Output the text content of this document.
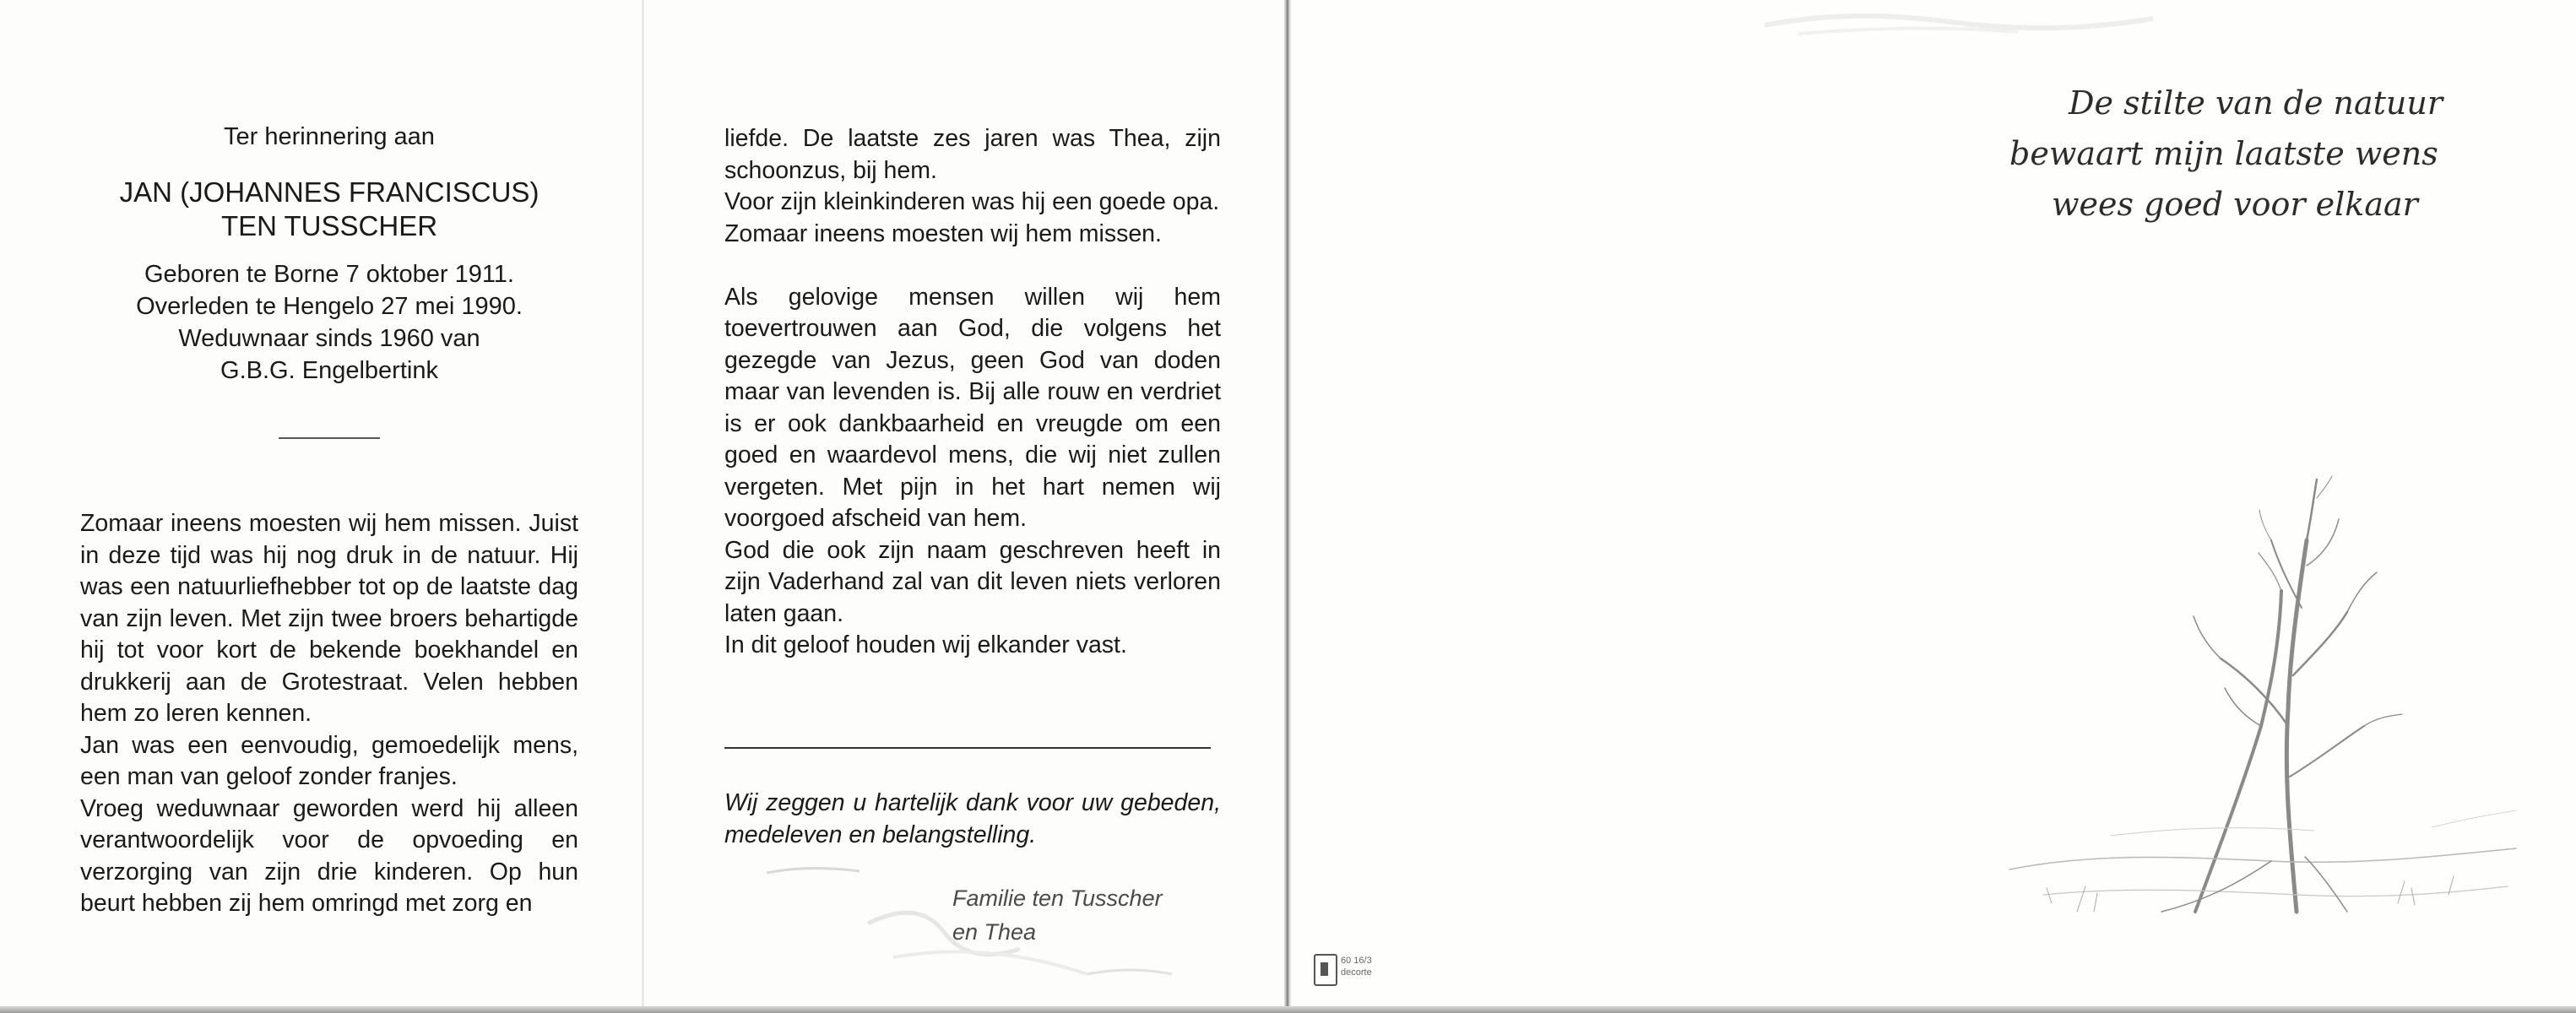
Ter herinnering aan
JAN (JOHANNES FRANCISCUS)
TEN TUSSCHER
Geboren te Borne 7 oktober 1911.
Overleden te Hengelo 27 mei 1990.
Weduwnaar sinds 1960 van
G.B.G. Engelbertink

Zomaar ineens moesten wij hem missen. Juist in deze tijd was hij nog druk in de natuur. Hij was een natuurliefhebber tot op de laatste dag van zijn leven. Met zijn twee broers behartigde hij tot voor kort de bekende boekhandel en drukkerij aan de Grotestraat. Velen hebben hem zo leren kennen.

Jan was een eenvoudig, gemoedelijk mens, een man van geloof zonder franjes.

Vroeg weduwnaar geworden werd hij alleen verantwoordelijk voor de opvoeding en verzorging van zijn drie kinderen. Op hun beurt hebben zij hem omringd met zorg en

liefde. De laatste zes jaren was Thea, zijn schoonzus, bij hem.

Voor zijn kleinkinderen was hij een goede opa.

Zomaar ineens moesten wij hem missen.

Als gelovige mensen willen wij hem toevertrouwen aan God, die volgens het gezegde van Jezus, geen God van doden maar van levenden is. Bij alle rouw en verdriet is er ook dankbaarheid en vreugde om een goed en waardevol mens, die wij niet zullen vergeten. Met pijn in het hart nemen wij voorgoed afscheid van hem.

God die ook zijn naam geschreven heeft in zijn Vaderhand zal van dit leven niets verloren laten gaan.

In dit geloof houden wij elkander vast.

Wij zeggen u hartelijk dank voor uw gebeden, medeleven en belangstelling.
Familie ten Tusscher
en Thea
De stilte van de natuur
bewaart mijn laatste wens
wees goed voor elkaar
60 16/3
decorte
